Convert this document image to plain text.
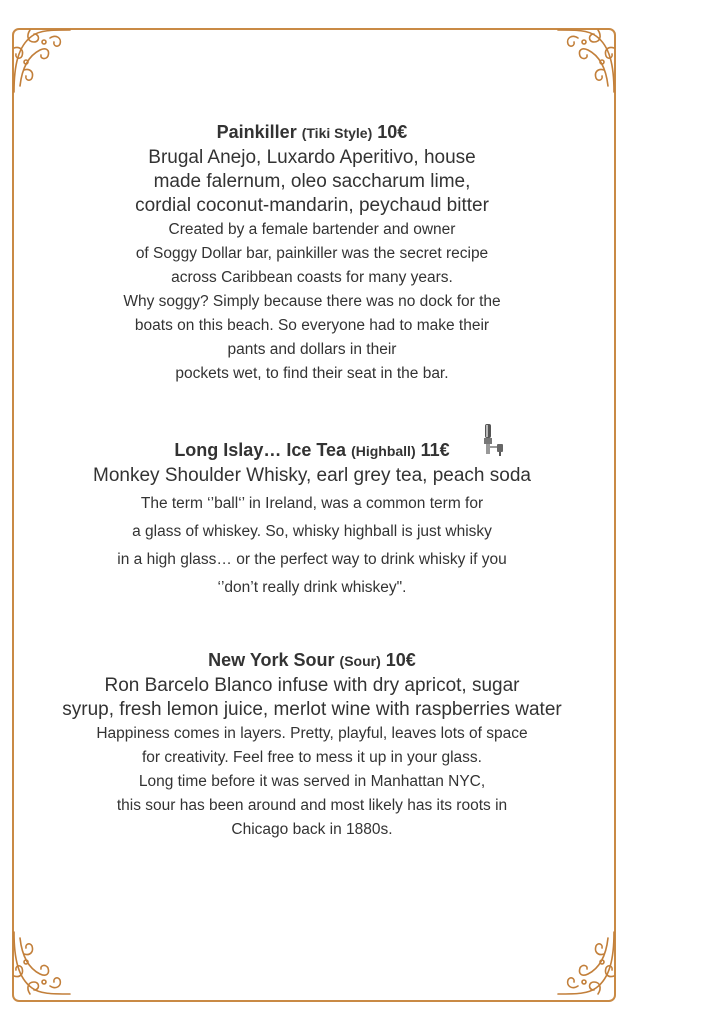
Painkiller (Tiki Style) 10€
Brugal Anejo, Luxardo Aperitivo, house
made falernum, oleo saccharum lime,
cordial coconut-mandarin, peychaud bitter
Created by a female bartender and owner
of Soggy Dollar bar, painkiller was the secret recipe
across Caribbean coasts for many years.
Why soggy? Simply because there was no dock for the
boats on this beach. So everyone had to make their
pants and dollars in their
pockets wet, to find their seat in the bar.
Long Islay… Ice Tea (Highball) 11€
Monkey Shoulder Whisky, earl grey tea, peach soda
The term ‘’ball‘’ in Ireland, was a common term for
a glass of whiskey. So, whisky highball is just whisky
in a high glass… or the perfect way to drink whisky if you
‘’don’t really drink whiskey".
New York Sour (Sour) 10€
Ron Barcelo Blanco infuse with dry apricot, sugar
syrup, fresh lemon juice, merlot wine with raspberries water
Happiness comes in layers. Pretty, playful, leaves lots of space
for creativity. Feel free to mess it up in your glass.
Long time before it was served in Manhattan NYC,
this sour has been around and most likely has its roots in
Chicago back in 1880s.
